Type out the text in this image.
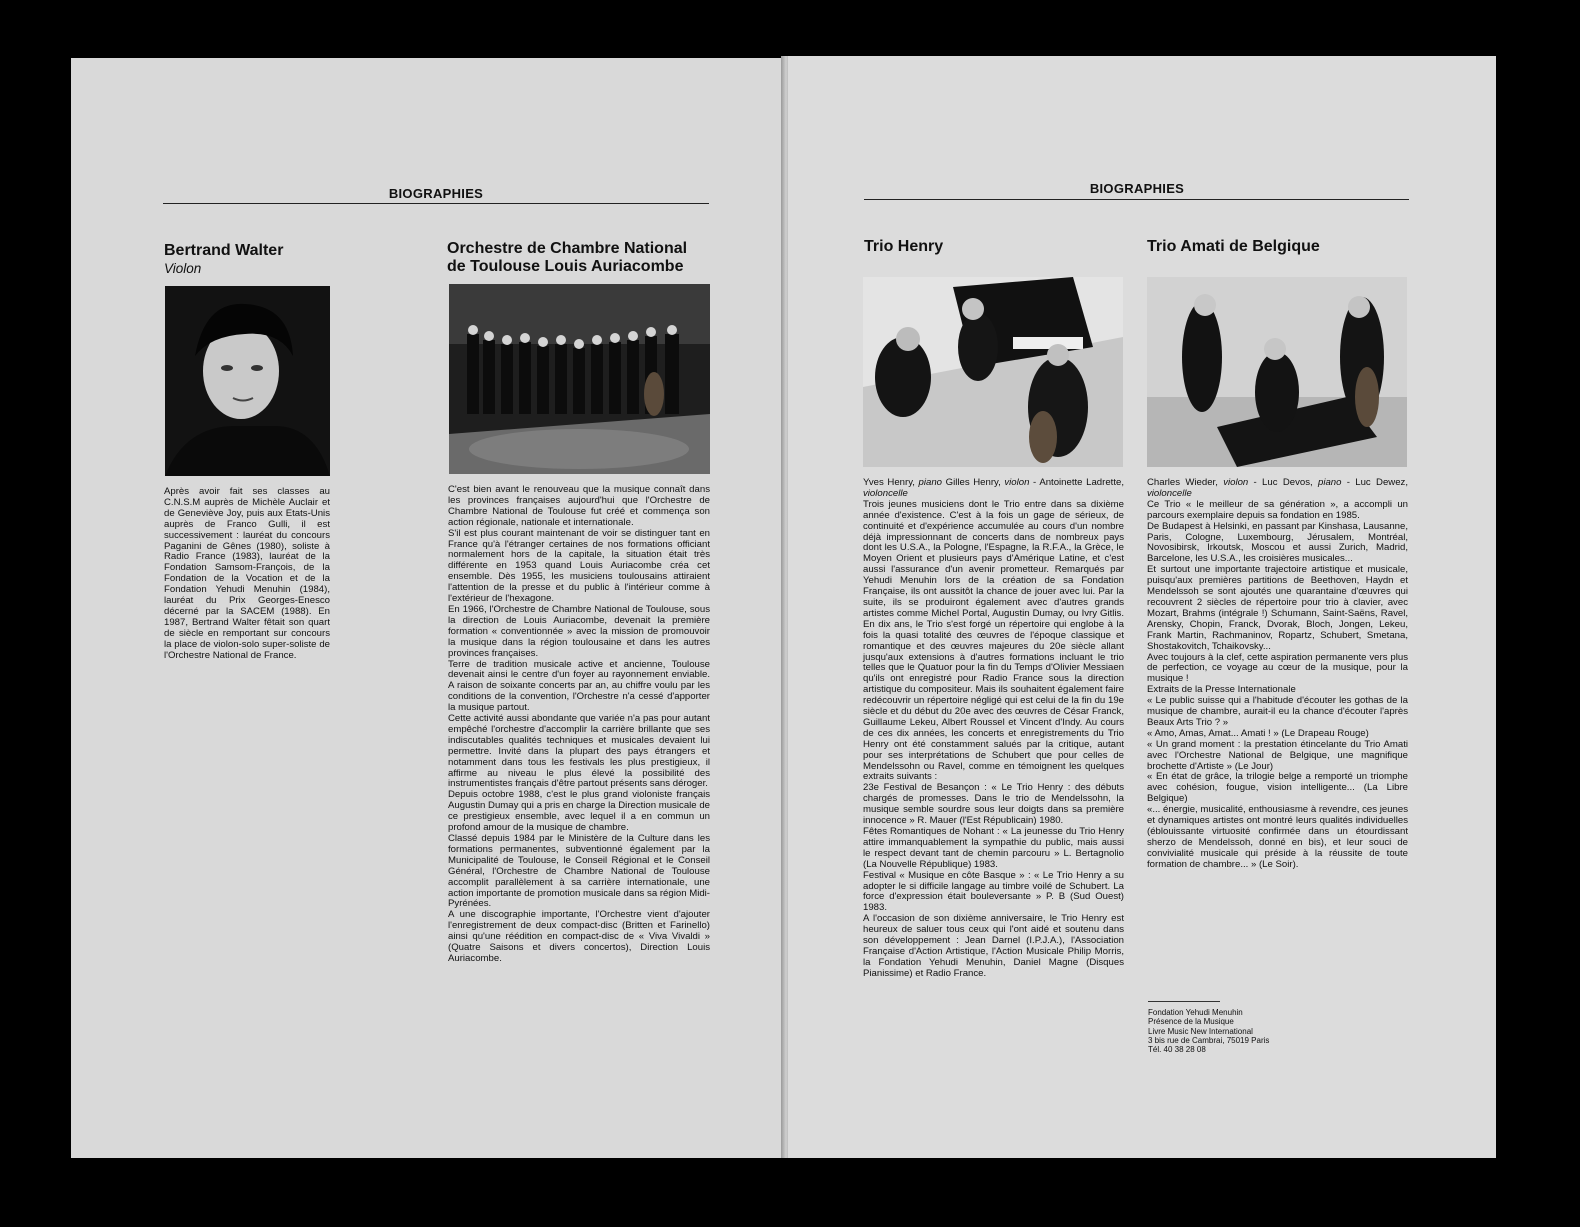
BIOGRAPHIES
Bertrand Walter
Violon

Après avoir fait ses classes au C.N.S.M auprès de Michèle Auclair et de Geneviève Joy, puis aux Etats-Unis auprès de Franco Gulli, il est successivement : lauréat du concours Paganini de Gênes (1980), soliste à Radio France (1983), lauréat de la Fondation Samsom-François, de la Fondation de la Vocation et de la Fondation Yehudi Menuhin (1984), lauréat du Prix Georges-Enesco décerné par la SACEM (1988). En 1987, Bertrand Walter fêtait son quart de siècle en remportant sur concours la place de violon-solo super-soliste de l'Orchestre National de France.

Orchestre de Chambre National
de Toulouse Louis Auriacombe

C'est bien avant le renouveau que la musique connaît dans les provinces françaises aujourd'hui que l'Orchestre de Chambre National de Toulouse fut créé et commença son action régionale, nationale et internationale.

S'il est plus courant maintenant de voir se distinguer tant en France qu'à l'étranger certaines de nos formations officiant normalement hors de la capitale, la situation était très différente en 1953 quand Louis Auriacombe créa cet ensemble. Dès 1955, les musiciens toulousains attiraient l'attention de la presse et du public à l'intérieur comme à l'extérieur de l'hexagone.

En 1966, l'Orchestre de Chambre National de Toulouse, sous la direction de Louis Auriacombe, devenait la première formation « conventionnée » avec la mission de promouvoir la musique dans la région toulousaine et dans les autres provinces françaises.

Terre de tradition musicale active et ancienne, Toulouse devenait ainsi le centre d'un foyer au rayonnement enviable. A raison de soixante concerts par an, au chiffre voulu par les conditions de la convention, l'Orchestre n'a cessé d'apporter la musique partout.

Cette activité aussi abondante que variée n'a pas pour autant empêché l'orchestre d'accomplir la carrière brillante que ses indiscutables qualités techniques et musicales devaient lui permettre. Invité dans la plupart des pays étrangers et notamment dans tous les festivals les plus prestigieux, il affirme au niveau le plus élevé la possibilité des instrumentistes français d'être partout présents sans déroger.

Depuis octobre 1988, c'est le plus grand violoniste français Augustin Dumay qui a pris en charge la Direction musicale de ce prestigieux ensemble, avec lequel il a en commun un profond amour de la musique de chambre.

Classé depuis 1984 par le Ministère de la Culture dans les formations permanentes, subventionné également par la Municipalité de Toulouse, le Conseil Régional et le Conseil Général, l'Orchestre de Chambre National de Toulouse accomplit parallèlement à sa carrière internationale, une action importante de promotion musicale dans sa région Midi-Pyrénées.

A une discographie importante, l'Orchestre vient d'ajouter l'enregistrement de deux compact-disc (Britten et Farinello) ainsi qu'une réédition en compact-disc de « Viva Vivaldi » (Quatre Saisons et divers concertos), Direction Louis Auriacombe.

BIOGRAPHIES
Trio Henry

Yves Henry, piano Gilles Henry, violon - Antoinette Ladrette, violoncelle

Trois jeunes musiciens dont le Trio entre dans sa dixième année d'existence. C'est à la fois un gage de sérieux, de continuité et d'expérience accumulée au cours d'un nombre déjà impressionnant de concerts dans de nombreux pays dont les U.S.A., la Pologne, l'Espagne, la R.F.A., la Grèce, le Moyen Orient et plusieurs pays d'Amérique Latine, et c'est aussi l'assurance d'un avenir prometteur. Remarqués par Yehudi Menuhin lors de la création de sa Fondation Française, ils ont aussitôt la chance de jouer avec lui. Par la suite, ils se produiront également avec d'autres grands artistes comme Michel Portal, Augustin Dumay, ou Ivry Gitlis. En dix ans, le Trio s'est forgé un répertoire qui englobe à la fois la quasi totalité des œuvres de l'époque classique et romantique et des œuvres majeures du 20e siècle allant jusqu'aux extensions à d'autres formations incluant le trio telles que le Quatuor pour la fin du Temps d'Olivier Messiaen qu'ils ont enregistré pour Radio France sous la direction artistique du compositeur. Mais ils souhaitent également faire redécouvrir un répertoire négligé qui est celui de la fin du 19e siècle et du début du 20e avec des œuvres de César Franck, Guillaume Lekeu, Albert Roussel et Vincent d'Indy. Au cours de ces dix années, les concerts et enregistrements du Trio Henry ont été constamment salués par la critique, autant pour ses interprétations de Schubert que pour celles de Mendelssohn ou Ravel, comme en témoignent les quelques extraits suivants :

23e Festival de Besançon : « Le Trio Henry : des débuts chargés de promesses. Dans le trio de Mendelssohn, la musique semble sourdre sous leur doigts dans sa première innocence » R. Mauer (l'Est Républicain) 1980.

Fêtes Romantiques de Nohant : « La jeunesse du Trio Henry attire immanquablement la sympathie du public, mais aussi le respect devant tant de chemin parcouru » L. Bertagnolio (La Nouvelle République) 1983.

Festival « Musique en côte Basque » : « Le Trio Henry a su adopter le si difficile langage au timbre voilé de Schubert. La force d'expression était bouleversante » P. B (Sud Ouest) 1983.

A l'occasion de son dixième anniversaire, le Trio Henry est heureux de saluer tous ceux qui l'ont aidé et soutenu dans son développement : Jean Darnel (I.P.J.A.), l'Association Française d'Action Artistique, l'Action Musicale Philip Morris, la Fondation Yehudi Menuhin, Daniel Magne (Disques Pianissime) et Radio France.

Trio Amati de Belgique

Charles Wieder, violon - Luc Devos, piano - Luc Dewez, violoncelle

Ce Trio « le meilleur de sa génération », a accompli un parcours exemplaire depuis sa fondation en 1985.

De Budapest à Helsinki, en passant par Kinshasa, Lausanne, Paris, Cologne, Luxembourg, Jérusalem, Montréal, Novosibirsk, Irkoutsk, Moscou et aussi Zurich, Madrid, Barcelone, les U.S.A., les croisières musicales...

Et surtout une importante trajectoire artistique et musicale, puisqu'aux premières partitions de Beethoven, Haydn et Mendelssoh se sont ajoutés une quarantaine d'œuvres qui recouvrent 2 siècles de répertoire pour trio à clavier, avec Mozart, Brahms (intégrale !) Schumann, Saint-Saëns, Ravel, Arensky, Chopin, Franck, Dvorak, Bloch, Jongen, Lekeu, Frank Martin, Rachmaninov, Ropartz, Schubert, Smetana, Shostakovitch, Tchaikovsky...

Avec toujours à la clef, cette aspiration permanente vers plus de perfection, ce voyage au cœur de la musique, pour la musique !

Extraits de la Presse Internationale

« Le public suisse qui a l'habitude d'écouter les gothas de la musique de chambre, aurait-il eu la chance d'écouter l'après Beaux Arts Trio ? »

« Amo, Amas, Amat... Amati ! » (Le Drapeau Rouge)

« Un grand moment : la prestation étincelante du Trio Amati avec l'Orchestre National de Belgique, une magnifique brochette d'Artiste » (Le Jour)

« En état de grâce, la trilogie belge a remporté un triomphe avec cohésion, fougue, vision intelligente... (La Libre Belgique)

«... énergie, musicalité, enthousiasme à revendre, ces jeunes et dynamiques artistes ont montré leurs qualités individuelles (éblouissante virtuosité confirmée dans un étourdissant sherzo de Mendelssoh, donné en bis), et leur souci de convivialité musicale qui préside à la réussite de toute formation de chambre... » (Le Soir).

Fondation Yehudi Menuhin
Présence de la Musique
Livre Music New International
3 bis rue de Cambrai, 75019 Paris
Tél. 40 38 28 08
